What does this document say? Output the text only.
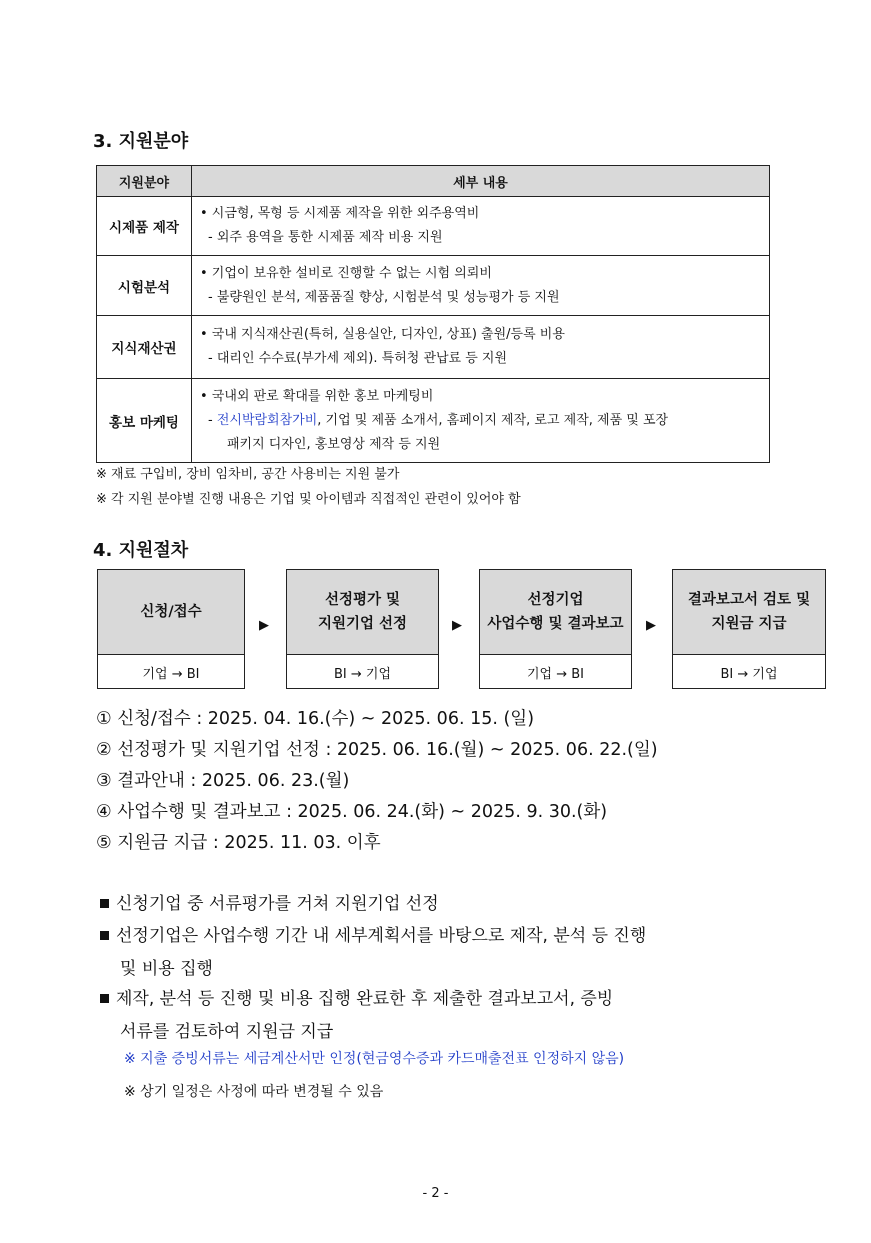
3. 지원분야
지원분야	세부 내용
시제품 제작	• 시금형, 목형 등 시제품 제작을 위한 외주용역비
- 외주 용역을 통한 시제품 제작 비용 지원

시험분석	• 기업이 보유한 설비로 진행할 수 없는 시험 의뢰비
- 불량원인 분석, 제품품질 향상, 시험분석 및 성능평가 등 지원

지식재산권	• 국내 지식재산권(특허, 실용실안, 디자인, 상표) 출원/등록 비용
- 대리인 수수료(부가세 제외). 특허청 관납료 등 지원

홍보 마케팅	• 국내외 판로 확대를 위한 홍보 마케팅비
- 전시박람회참가비, 기업 및 제품 소개서, 홈페이지 제작, 로고 제작, 제품 및 포장
패키지 디자인, 홍보영상 제작 등 지원
※ 재료 구입비, 장비 임차비, 공간 사용비는 지원 불가
※ 각 지원 분야별 진행 내용은 기업 및 아이템과 직접적인 관련이 있어야 함
4. 지원절차
신청/접수
기업 → BI
▶
선정평가 및
지원기업 선정
BI → 기업
▶
선정기업
사업수행 및 결과보고
기업 → BI
▶
결과보고서 검토 및
지원금 지급
BI → 기업
① 신청/접수 : 2025. 04. 16.(수) ~ 2025. 06. 15. (일)
② 선정평가 및 지원기업 선정 : 2025. 06. 16.(월) ~ 2025. 06. 22.(일)
③ 결과안내 : 2025. 06. 23.(월)
④ 사업수행 및 결과보고 : 2025. 06. 24.(화) ~ 2025. 9. 30.(화)
⑤ 지원금 지급 : 2025. 11. 03. 이후
신청기업 중 서류평가를 거쳐 지원기업 선정
선정기업은 사업수행 기간 내 세부계획서를 바탕으로 제작, 분석 등 진행
및 비용 집행
제작, 분석 등 진행 및 비용 집행 완료한 후 제출한 결과보고서, 증빙
서류를 검토하여 지원금 지급
※ 지출 증빙서류는 세금계산서만 인정(현금영수증과 카드매출전표 인정하지 않음)
※ 상기 일정은 사정에 따라 변경될 수 있음
- 2 -
